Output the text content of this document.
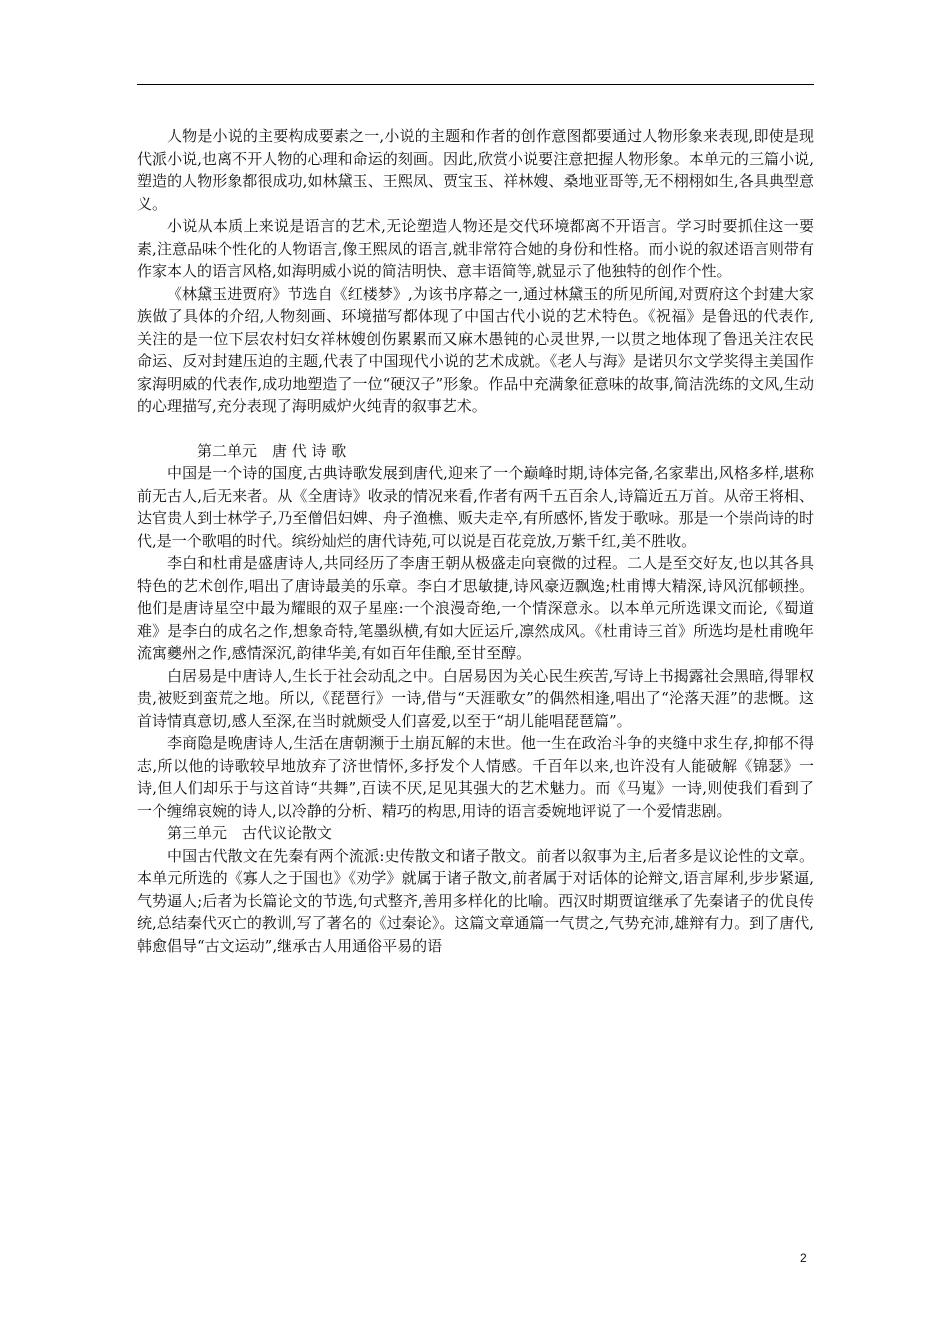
人物是小说的主要构成要素之一,小说的主题和作者的创作意图都要通过人物形象来表现,即使是现代派小说,也离不开人物的心理和命运的刻画。因此,欣赏小说要注意把握人物形象。本单元的三篇小说,塑造的人物形象都很成功,如林黛玉、王熙凤、贾宝玉、祥林嫂、桑地亚哥等,无不栩栩如生,各具典型意义。

小说从本质上来说是语言的艺术,无论塑造人物还是交代环境都离不开语言。学习时要抓住这一要素,注意品味个性化的人物语言,像王熙凤的语言,就非常符合她的身份和性格。而小说的叙述语言则带有作家本人的语言风格,如海明威小说的简洁明快、意丰语简等,就显示了他独特的创作个性。

《林黛玉进贾府》节选自《红楼梦》,为该书序幕之一,通过林黛玉的所见所闻,对贾府这个封建大家族做了具体的介绍,人物刻画、环境描写都体现了中国古代小说的艺术特色。《祝福》是鲁迅的代表作,关注的是一位下层农村妇女祥林嫂创伤累累而又麻木愚钝的心灵世界,一以贯之地体现了鲁迅关注农民命运、反对封建压迫的主题,代表了中国现代小说的艺术成就。《老人与海》是诺贝尔文学奖得主美国作家海明威的代表作,成功地塑造了一位“硬汉子”形象。作品中充满象征意味的故事,简洁洗练的文风,生动的心理描写,充分表现了海明威炉火纯青的叙事艺术。

第二单元　唐 代 诗 歌

中国是一个诗的国度,古典诗歌发展到唐代,迎来了一个巅峰时期,诗体完备,名家辈出,风格多样,堪称前无古人,后无来者。从《全唐诗》收录的情况来看,作者有两千五百余人,诗篇近五万首。从帝王将相、达官贵人到士林学子,乃至僧侣妇婢、舟子渔樵、贩夫走卒,有所感怀,皆发于歌咏。那是一个崇尚诗的时代,是一个歌唱的时代。缤纷灿烂的唐代诗苑,可以说是百花竞放,万紫千红,美不胜收。

李白和杜甫是盛唐诗人,共同经历了李唐王朝从极盛走向衰微的过程。二人是至交好友,也以其各具特色的艺术创作,唱出了唐诗最美的乐章。李白才思敏捷,诗风豪迈飘逸;杜甫博大精深,诗风沉郁顿挫。他们是唐诗星空中最为耀眼的双子星座:一个浪漫奇绝,一个情深意永。以本单元所选课文而论,《蜀道难》是李白的成名之作,想象奇特,笔墨纵横,有如大匠运斤,凛然成风。《杜甫诗三首》所选均是杜甫晚年流寓夔州之作,感情深沉,韵律华美,有如百年佳酿,至甘至醇。

白居易是中唐诗人,生长于社会动乱之中。白居易因为关心民生疾苦,写诗上书揭露社会黑暗,得罪权贵,被贬到蛮荒之地。所以,《琵琶行》一诗,借与“天涯歌女”的偶然相逢,唱出了“沦落天涯”的悲慨。这首诗情真意切,感人至深,在当时就颇受人们喜爱,以至于“胡儿能唱琵琶篇”。

李商隐是晚唐诗人,生活在唐朝濒于土崩瓦解的末世。他一生在政治斗争的夹缝中求生存,抑郁不得志,所以他的诗歌较早地放弃了济世情怀,多抒发个人情感。千百年以来,也许没有人能破解《锦瑟》一诗,但人们却乐于与这首诗“共舞”,百读不厌,足见其强大的艺术魅力。而《马嵬》一诗,则使我们看到了一个缠绵哀婉的诗人,以冷静的分析、精巧的构思,用诗的语言委婉地评说了一个爱情悲剧。

第三单元　古代议论散文

中国古代散文在先秦有两个流派:史传散文和诸子散文。前者以叙事为主,后者多是议论性的文章。本单元所选的《寡人之于国也》《劝学》就属于诸子散文,前者属于对话体的论辩文,语言犀利,步步紧逼,气势逼人;后者为长篇论文的节选,句式整齐,善用多样化的比喻。西汉时期贾谊继承了先秦诸子的优良传统,总结秦代灭亡的教训,写了著名的《过秦论》。这篇文章通篇一气贯之,气势充沛,雄辩有力。到了唐代,韩愈倡导“古文运动”,继承古人用通俗平易的语

2
